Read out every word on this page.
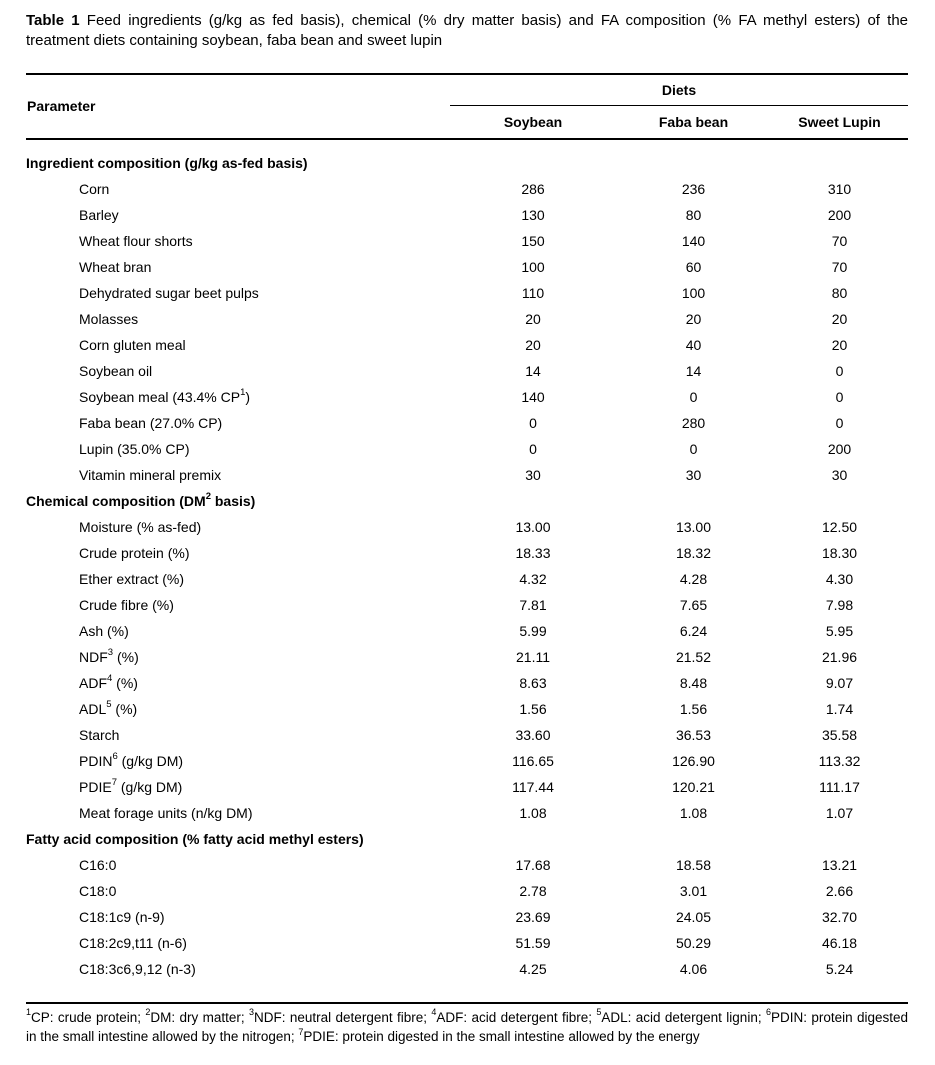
Table 1 Feed ingredients (g/kg as fed basis), chemical (% dry matter basis) and FA composition (% FA methyl esters) of the treatment diets containing soybean, faba bean and sweet lupin

Parameter	Diets		
	Soybean	Faba bean	Sweet Lupin
Ingredient composition (g/kg as-fed basis)			
Corn	286	236	310
Barley	130	80	200
Wheat flour shorts	150	140	70
Wheat bran	100	60	70
Dehydrated sugar beet pulps	110	100	80
Molasses	20	20	20
Corn gluten meal	20	40	20
Soybean oil	14	14	0
Soybean meal (43.4% $CP^1$)	140	0	0
Faba bean (27.0% CP)	0	280	0
Lupin (35.0% CP)	0	0	200
Vitamin mineral premix	30	30	30
Chemical composition ($DM^2$ basis)			
Moisture (% as-fed)	13.00	13.00	12.50
Crude protein (%)	18.33	18.32	18.30
Ether extract (%)	4.32	4.28	4.30
Crude fibre (%)	7.81	7.65	7.98
Ash (%)	5.99	6.24	5.95
NDF$^3$ (%)	21.11	21.52	21.96
ADF$^4$ (%)	8.63	8.48	9.07
ADL$^5$ (%)	1.56	1.56	1.74
Starch	33.60	36.53	35.58
PDIN$^6$ (g/kg DM)	116.65	126.90	113.32
PDIE$^7$ (g/kg DM)	117.44	120.21	111.17
Meat forage units (n/kg DM)	1.08	1.08	1.07
Fatty acid composition (% fatty acid methyl esters)			
C16:0	17.68	18.58	13.21
C18:0	2.78	3.01	2.66
C18:1c9 (n-9)	23.69	24.05	32.70
C18:2c9,t11 (n-6)	51.59	50.29	46.18
C18:3c6,9,12 (n-3)	4.25	4.06	5.24

$^1$CP: crude protein; $^2$DM: dry matter; $^3$NDF: neutral detergent fibre; $^4$ADF: acid detergent fibre; $^5$ADL: acid detergent lignin; $^6$PDIN: protein digested in the small intestine allowed by the nitrogen; $^7$PDIE: protein digested in the small intestine allowed by the energy
